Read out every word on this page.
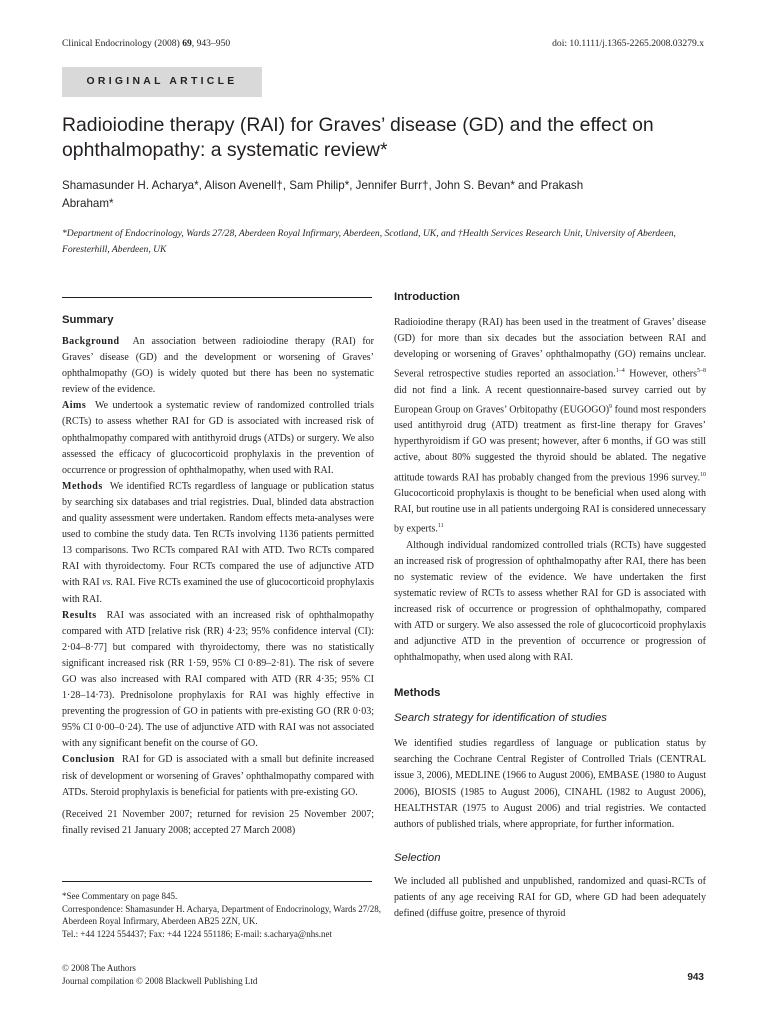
Clinical Endocrinology (2008) 69, 943–950	doi: 10.1111/j.1365-2265.2008.03279.x
ORIGINAL ARTICLE
Radioiodine therapy (RAI) for Graves’ disease (GD) and the effect on ophthalmopathy: a systematic review*
Shamasunder H. Acharya*, Alison Avenell†, Sam Philip*, Jennifer Burr†, John S. Bevan* and Prakash Abraham*
*Department of Endocrinology, Wards 27/28, Aberdeen Royal Infirmary, Aberdeen, Scotland, UK, and †Health Services Research Unit, University of Aberdeen, Foresterhill, Aberdeen, UK
Summary

Background An association between radioiodine therapy (RAI) for Graves’ disease (GD) and the development or worsening of Graves’ ophthalmopathy (GO) is widely quoted but there has been no systematic review of the evidence.

Aims We undertook a systematic review of randomized controlled trials (RCTs) to assess whether RAI for GD is associated with increased risk of ophthalmopathy compared with antithyroid drugs (ATDs) or surgery. We also assessed the efficacy of glucocorticoid prophylaxis in the prevention of occurrence or progression of ophthalmopathy, when used with RAI.

Methods We identified RCTs regardless of language or publication status by searching six databases and trial registries. Dual, blinded data abstraction and quality assessment were undertaken. Random effects meta-analyses were used to combine the study data. Ten RCTs involving 1136 patients permitted 13 comparisons. Two RCTs compared RAI with ATD. Two RCTs compared RAI with thyroidectomy. Four RCTs compared the use of adjunctive ATD with RAI vs. RAI. Five RCTs examined the use of glucocorticoid prophylaxis with RAI.

Results RAI was associated with an increased risk of ophthalmopathy compared with ATD [relative risk (RR) 4·23; 95% confidence interval (CI): 2·04–8·77] but compared with thyroidectomy, there was no statistically significant increased risk (RR 1·59, 95% CI 0·89–2·81). The risk of severe GO was also increased with RAI compared with ATD (RR 4·35; 95% CI 1·28–14·73). Prednisolone prophylaxis for RAI was highly effective in preventing the progression of GO in patients with pre-existing GO (RR 0·03; 95% CI 0·00–0·24). The use of adjunctive ATD with RAI was not associated with any significant benefit on the course of GO.

Conclusion RAI for GD is associated with a small but definite increased risk of development or worsening of Graves’ ophthalmopathy compared with ATDs. Steroid prophylaxis is beneficial for patients with pre-existing GO.

(Received 21 November 2007; returned for revision 25 November 2007; finally revised 21 January 2008; accepted 27 March 2008)

*See Commentary on page 845.
Correspondence: Shamasunder H. Acharya, Department of Endocrinology, Wards 27/28, Aberdeen Royal Infirmary, Aberdeen AB25 2ZN, UK.
Tel.: +44 1224 554437; Fax: +44 1224 551186; E-mail: s.acharya@nhs.net
© 2008 The Authors
Journal compilation © 2008 Blackwell Publishing Ltd	943
Introduction

Radioiodine therapy (RAI) has been used in the treatment of Graves’ disease (GD) for more than six decades but the association between RAI and developing or worsening of Graves’ ophthalmopathy (GO) remains unclear. Several retrospective studies reported an association.$^{1-4}$ However, others$^{5-8}$ did not find a link. A recent questionnaire-based survey carried out by European Group on Graves’ Orbitopathy (EUGOGO)$^9$ found most responders used antithyroid drug (ATD) treatment as first-line therapy for Graves’ hyperthyroidism if GO was present; however, after 6 months, if GO was still active, about 80% suggested the thyroid should be ablated. The negative attitude towards RAI has probably changed from the previous 1996 survey.$^{10}$ Glucocorticoid prophylaxis is thought to be beneficial when used along with RAI, but routine use in all patients undergoing RAI is considered unnecessary by experts.$^{11}$

Although individual randomized controlled trials (RCTs) have suggested an increased risk of progression of ophthalmopathy after RAI, there has been no systematic review of the evidence. We have undertaken the first systematic review of RCTs to assess whether RAI for GD is associated with increased risk of occurrence or progression of ophthalmopathy, compared with ATD or surgery. We also assessed the role of glucocorticoid prophylaxis and adjunctive ATD in the prevention of occurrence or progression of ophthalmopathy, when used along with RAI.

Methods
Search strategy for identification of studies

We identified studies regardless of language or publication status by searching the Cochrane Central Register of Controlled Trials (CENTRAL issue 3, 2006), MEDLINE (1966 to August 2006), EMBASE (1980 to August 2006), BIOSIS (1985 to August 2006), CINAHL (1982 to August 2006), HEALTHSTAR (1975 to August 2006) and trial registries. We contacted authors of published trials, where appropriate, for further information.

Selection

We included all published and unpublished, randomized and quasi-RCTs of patients of any age receiving RAI for GD, where GD had been adequately defined (diffuse goitre, presence of thyroid
